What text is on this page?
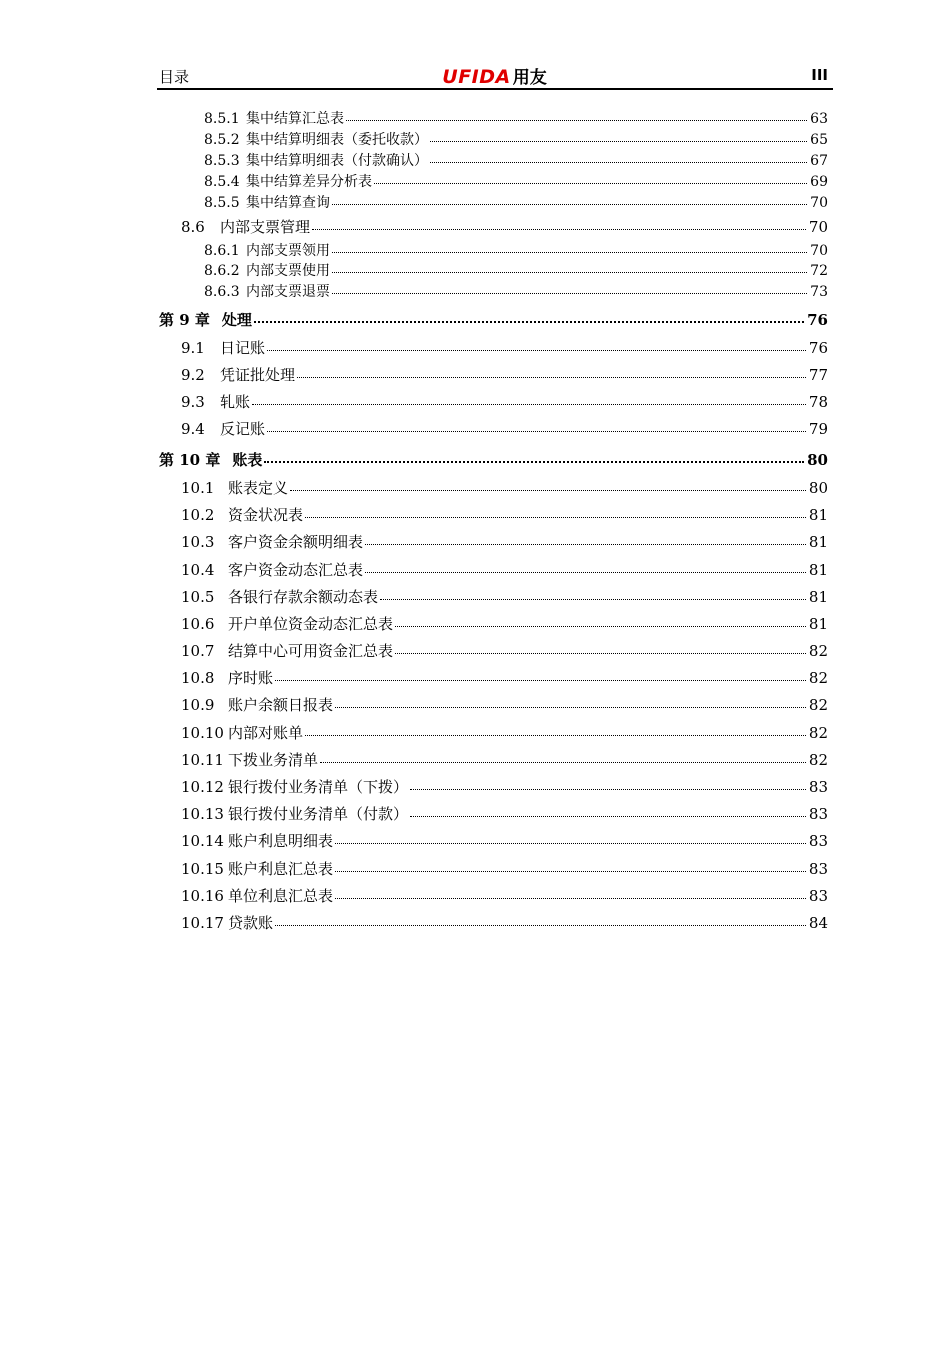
目录	UFIDA 用友	III
8.5.1 集中结算汇总表	63
8.5.2 集中结算明细表（委托收款）	65
8.5.3 集中结算明细表（付款确认）	67
8.5.4 集中结算差异分析表	69
8.5.5 集中结算查询	70
8.6 内部支票管理	70
8.6.1 内部支票领用	70
8.6.2 内部支票使用	72
8.6.3 内部支票退票	73
第 9 章 处理	76
9.1 日记账	76
9.2 凭证批处理	77
9.3 轧账	78
9.4 反记账	79
第 10 章 账表	80
10.1 账表定义	80
10.2 资金状况表	81
10.3 客户资金余额明细表	81
10.4 客户资金动态汇总表	81
10.5 各银行存款余额动态表	81
10.6 开户单位资金动态汇总表	81
10.7 结算中心可用资金汇总表	82
10.8 序时账	82
10.9 账户余额日报表	82
10.10 内部对账单	82
10.11 下拨业务清单	82
10.12 银行拨付业务清单（下拨）	83
10.13 银行拨付业务清单（付款）	83
10.14 账户利息明细表	83
10.15 账户利息汇总表	83
10.16 单位利息汇总表	83
10.17 贷款账	84
